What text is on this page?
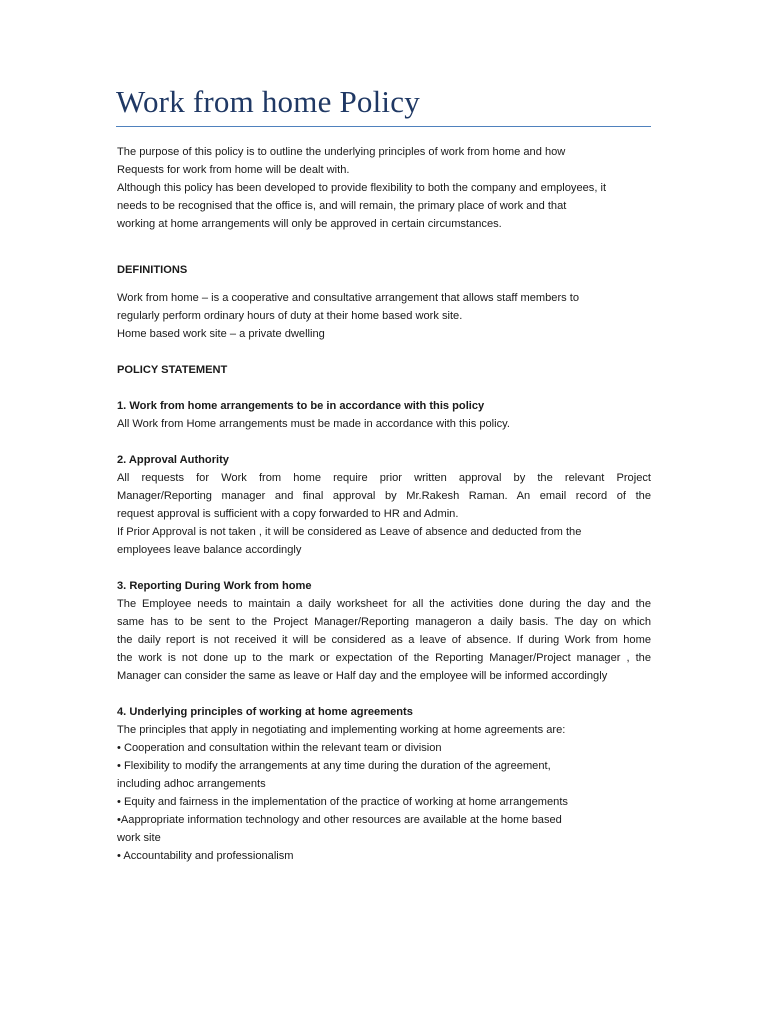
Work from home Policy
The purpose of this policy is to outline the underlying principles of work from home and how
Requests for work from home will be dealt with.
Although this policy has been developed to provide flexibility to both the company and employees, it
needs to be recognised that the office is, and will remain, the primary place of work and that
working at home arrangements will only be approved in certain circumstances.
DEFINITIONS
Work from home – is a cooperative and consultative arrangement that allows staff members to
regularly perform ordinary hours of duty at their home based work site.
Home based work site – a private dwelling
POLICY STATEMENT
1. Work from home arrangements to be in accordance with this policy
All Work from Home arrangements must be made in accordance with this policy.
2. Approval Authority
All requests for Work from home require prior written approval by the relevant Project
Manager/Reporting manager and final approval by Mr.Rakesh Raman. An email record of the
request approval is sufficient with a copy forwarded to HR and Admin.
If Prior Approval is not taken , it will be considered as Leave of absence and deducted from the
employees leave balance accordingly
3. Reporting During Work from home
The Employee needs to maintain a daily worksheet for all the activities done during the day and the
same has to be sent to the Project Manager/Reporting manageron a daily basis. The day on which
the daily report is not received it will be considered as a leave of absence. If during Work from home
the work is not done up to the mark or expectation of the Reporting Manager/Project manager , the
Manager can consider the same as leave or Half day and the employee will be informed accordingly
4. Underlying principles of working at home agreements
The principles that apply in negotiating and implementing working at home agreements are:
• Cooperation and consultation within the relevant team or division
• Flexibility to modify the arrangements at any time during the duration of the agreement,
including adhoc arrangements
• Equity and fairness in the implementation of the practice of working at home arrangements
•Aappropriate information technology and other resources are available at the home based
work site
• Accountability and professionalism
